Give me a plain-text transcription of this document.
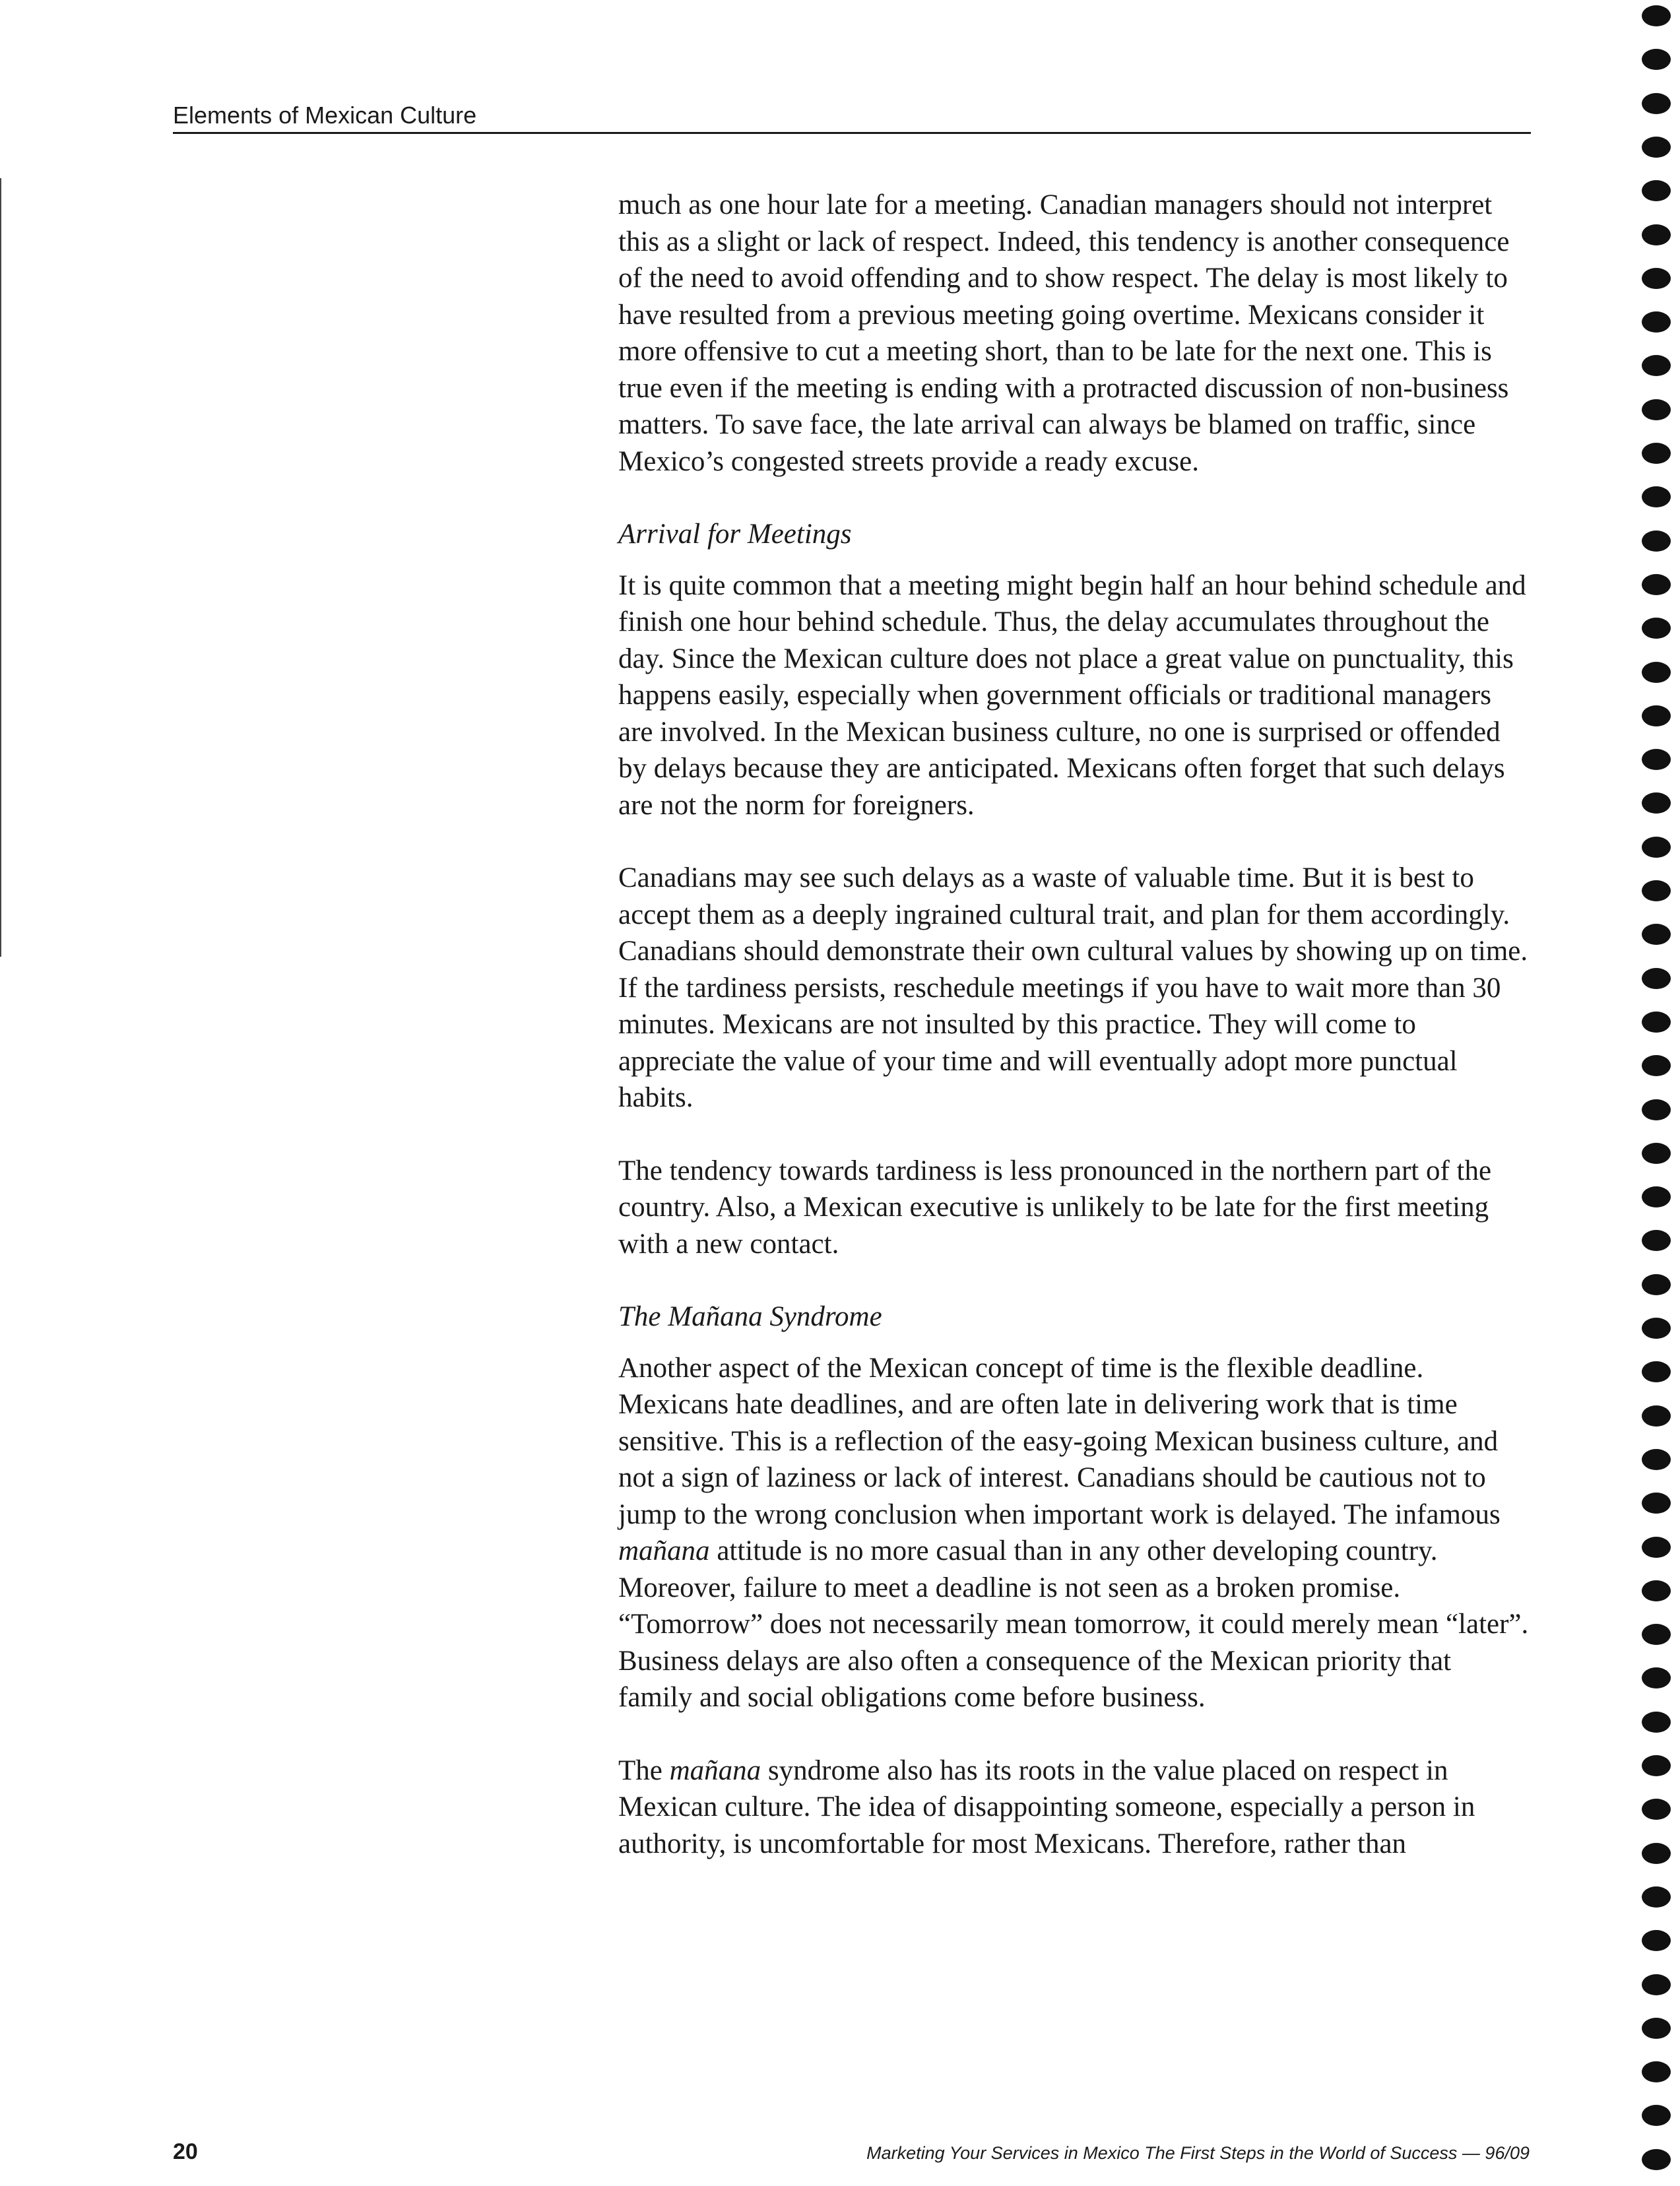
Elements of Mexican Culture

much as one hour late for a meeting. Canadian managers should not interpret this as a slight or lack of respect. Indeed, this tendency is another consequence of the need to avoid offending and to show respect. The delay is most likely to have resulted from a previous meeting going overtime. Mexicans consider it more offensive to cut a meeting short, than to be late for the next one. This is true even if the meeting is ending with a protracted discussion of non-business matters. To save face, the late arrival can always be blamed on traffic, since Mexico’s congested streets provide a ready excuse.

Arrival for Meetings

It is quite common that a meeting might begin half an hour behind schedule and finish one hour behind schedule. Thus, the delay accumulates throughout the day. Since the Mexican culture does not place a great value on punctuality, this happens easily, especially when government officials or traditional managers are involved. In the Mexican business culture, no one is surprised or offended by delays because they are anticipated. Mexicans often forget that such delays are not the norm for foreigners.

Canadians may see such delays as a waste of valuable time. But it is best to accept them as a deeply ingrained cultural trait, and plan for them accordingly. Canadians should demonstrate their own cultural values by showing up on time. If the tardiness persists, reschedule meetings if you have to wait more than 30 minutes. Mexicans are not insulted by this practice. They will come to appreciate the value of your time and will eventually adopt more punctual habits.

The tendency towards tardiness is less pronounced in the northern part of the country. Also, a Mexican executive is unlikely to be late for the first meeting with a new contact.

The Mañana Syndrome

Another aspect of the Mexican concept of time is the flexible deadline. Mexicans hate deadlines, and are often late in delivering work that is time sensitive. This is a reflection of the easy-going Mexican business culture, and not a sign of laziness or lack of interest. Canadians should be cautious not to jump to the wrong conclusion when important work is delayed. The infamous mañana attitude is no more casual than in any other developing country. Moreover, failure to meet a deadline is not seen as a broken promise. “Tomorrow” does not necessarily mean tomorrow, it could merely mean “later”. Business delays are also often a consequence of the Mexican priority that family and social obligations come before business.

The mañana syndrome also has its roots in the value placed on respect in Mexican culture. The idea of disappointing someone, especially a person in authority, is uncomfortable for most Mexicans. Therefore, rather than

20	Marketing Your Services in Mexico The First Steps in the World of Success — 96/09
